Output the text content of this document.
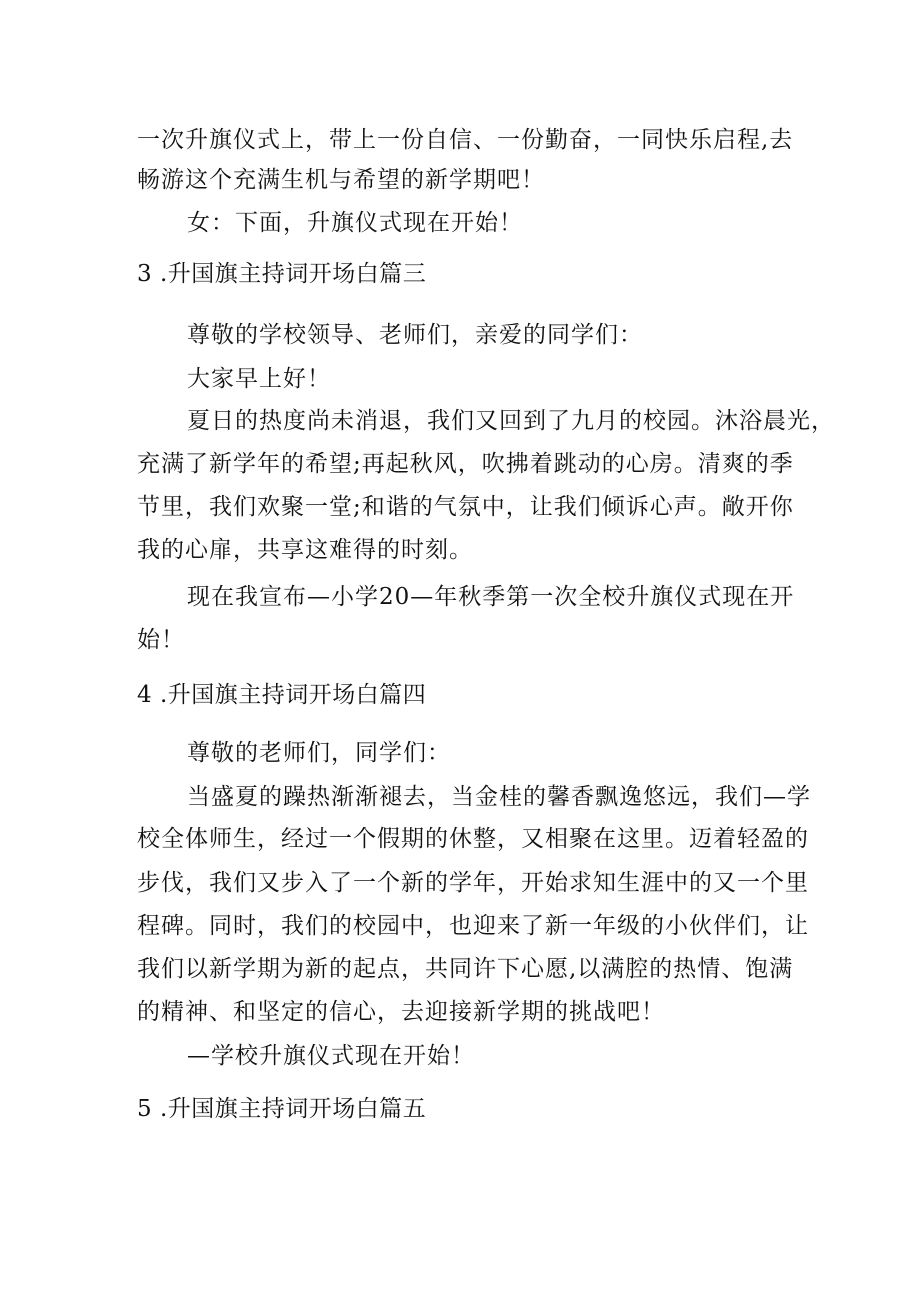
一次升旗仪式上，带上一份自信、一份勤奋，一同快乐启程,去
畅游这个充满生机与希望的新学期吧！
女：下面，升旗仪式现在开始！
3 .升国旗主持词开场白篇三
尊敬的学校领导、老师们，亲爱的同学们：
大家早上好！
夏日的热度尚未消退，我们又回到了九月的校园。沐浴晨光，
充满了新学年的希望;再起秋风，吹拂着跳动的心房。清爽的季
节里，我们欢聚一堂;和谐的气氛中，让我们倾诉心声。敞开你
我的心扉，共享这难得的时刻。
现在我宣布—小学20—年秋季第一次全校升旗仪式现在开
始！
4 .升国旗主持词开场白篇四
尊敬的老师们，同学们：
当盛夏的躁热渐渐褪去，当金桂的馨香飘逸悠远，我们—学
校全体师生，经过一个假期的休整，又相聚在这里。迈着轻盈的
步伐，我们又步入了一个新的学年，开始求知生涯中的又一个里
程碑。同时，我们的校园中，也迎来了新一年级的小伙伴们，让
我们以新学期为新的起点，共同许下心愿,以满腔的热情、饱满
的精神、和坚定的信心，去迎接新学期的挑战吧！
—学校升旗仪式现在开始！
5 .升国旗主持词开场白篇五
